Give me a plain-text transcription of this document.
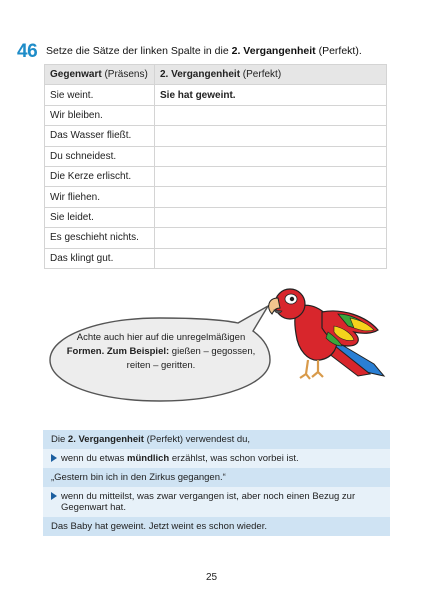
46 Setze die Sätze der linken Spalte in die 2. Vergangenheit (Perfekt).
Gegenwart (Präsens)	2. Vergangenheit (Perfekt)
Sie weint.	Sie hat geweint.
Wir bleiben.	
Das Wasser fließt.	
Du schneidest.	
Die Kerze erlischt.	
Wir fliehen.	
Sie leidet.	
Es geschieht nichts.	
Das klingt gut.	
Achte auch hier auf die unregelmäßigen
Formen. Zum Beispiel: gießen – gegossen,
reiten – geritten.
Die 2. Vergangenheit (Perfekt) verwendest du,
wenn du etwas mündlich erzählst, was schon vorbei ist.
„Gestern bin ich in den Zirkus gegangen.“
wenn du mitteilst, was zwar vergangen ist, aber noch einen Bezug zur Gegenwart hat.
Das Baby hat geweint. Jetzt weint es schon wieder.
25
